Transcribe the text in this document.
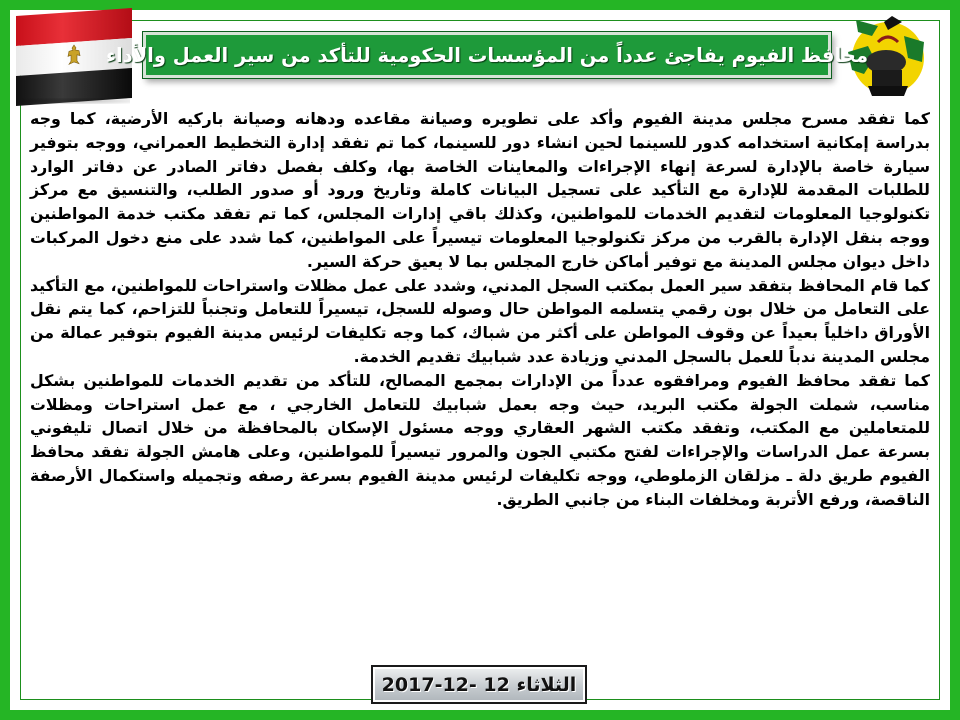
محافظ الفيوم يفاجئ عدداً من المؤسسات الحكومية للتأكد من سير العمل والأداء

كما تفقد مسرح مجلس مدينة الفيوم وأكد على تطويره وصيانة مقاعده ودهانه وصيانة باركيه الأرضية، كما وجه بدراسة إمكانية استخدامه كدور للسينما لحين انشاء دور للسينما، كما تم تفقد إدارة التخطيط العمراني، ووجه بتوفير سيارة خاصة بالإدارة لسرعة إنهاء الإجراءات والمعاينات الخاصة بها، وكلف بفصل دفاتر الصادر عن دفاتر الوارد للطلبات المقدمة للإدارة مع التأكيد على تسجيل البيانات كاملة وتاريخ ورود أو صدور الطلب، والتنسيق مع مركز تكنولوجيا المعلومات لتقديم الخدمات للمواطنين، وكذلك باقي إدارات المجلس، كما تم تفقد مكتب خدمة المواطنين ووجه بنقل الإدارة بالقرب من مركز تكنولوجيا المعلومات تيسيراً على المواطنين، كما شدد على منع دخول المركبات داخل ديوان مجلس المدينة مع توفير أماكن خارج المجلس بما لا يعيق حركة السير.

كما قام المحافظ بتفقد سير العمل بمكتب السجل المدني، وشدد على عمل مظلات واستراحات للمواطنين، مع التأكيد على التعامل من خلال بون رقمي يتسلمه المواطن حال وصوله للسجل، تيسيراً للتعامل وتجنباً للتزاحم، كما يتم نقل الأوراق داخلياً بعيداً عن وقوف المواطن على أكثر من شباك، كما وجه تكليفات لرئيس مدينة الفيوم بتوفير عمالة من مجلس المدينة ندباً للعمل بالسجل المدني وزيادة عدد شبابيك تقديم الخدمة.

كما تفقد محافظ الفيوم ومرافقوه عدداً من الإدارات بمجمع المصالح، للتأكد من تقديم الخدمات للمواطنين بشكل مناسب، شملت الجولة مكتب البريد، حيث وجه بعمل شبابيك للتعامل الخارجي ، مع عمل استراحات ومظلات للمتعاملين مع المكتب، وتفقد مكتب الشهر العقاري ووجه مسئول الإسكان بالمحافظة من خلال اتصال تليفوني بسرعة عمل الدراسات والإجراءات لفتح مكتبي الجون والمرور تيسيراً للمواطنين، وعلى هامش الجولة تفقد محافظ الفيوم طريق دلة ـ مزلقان الزملوطي، ووجه تكليفات لرئيس مدينة الفيوم بسرعة رصفه وتجميله واستكمال الأرصفة الناقصة، ورفع الأتربة ومخلفات البناء من جانبي الطريق.

الثلاثاء 12 -12-2017
